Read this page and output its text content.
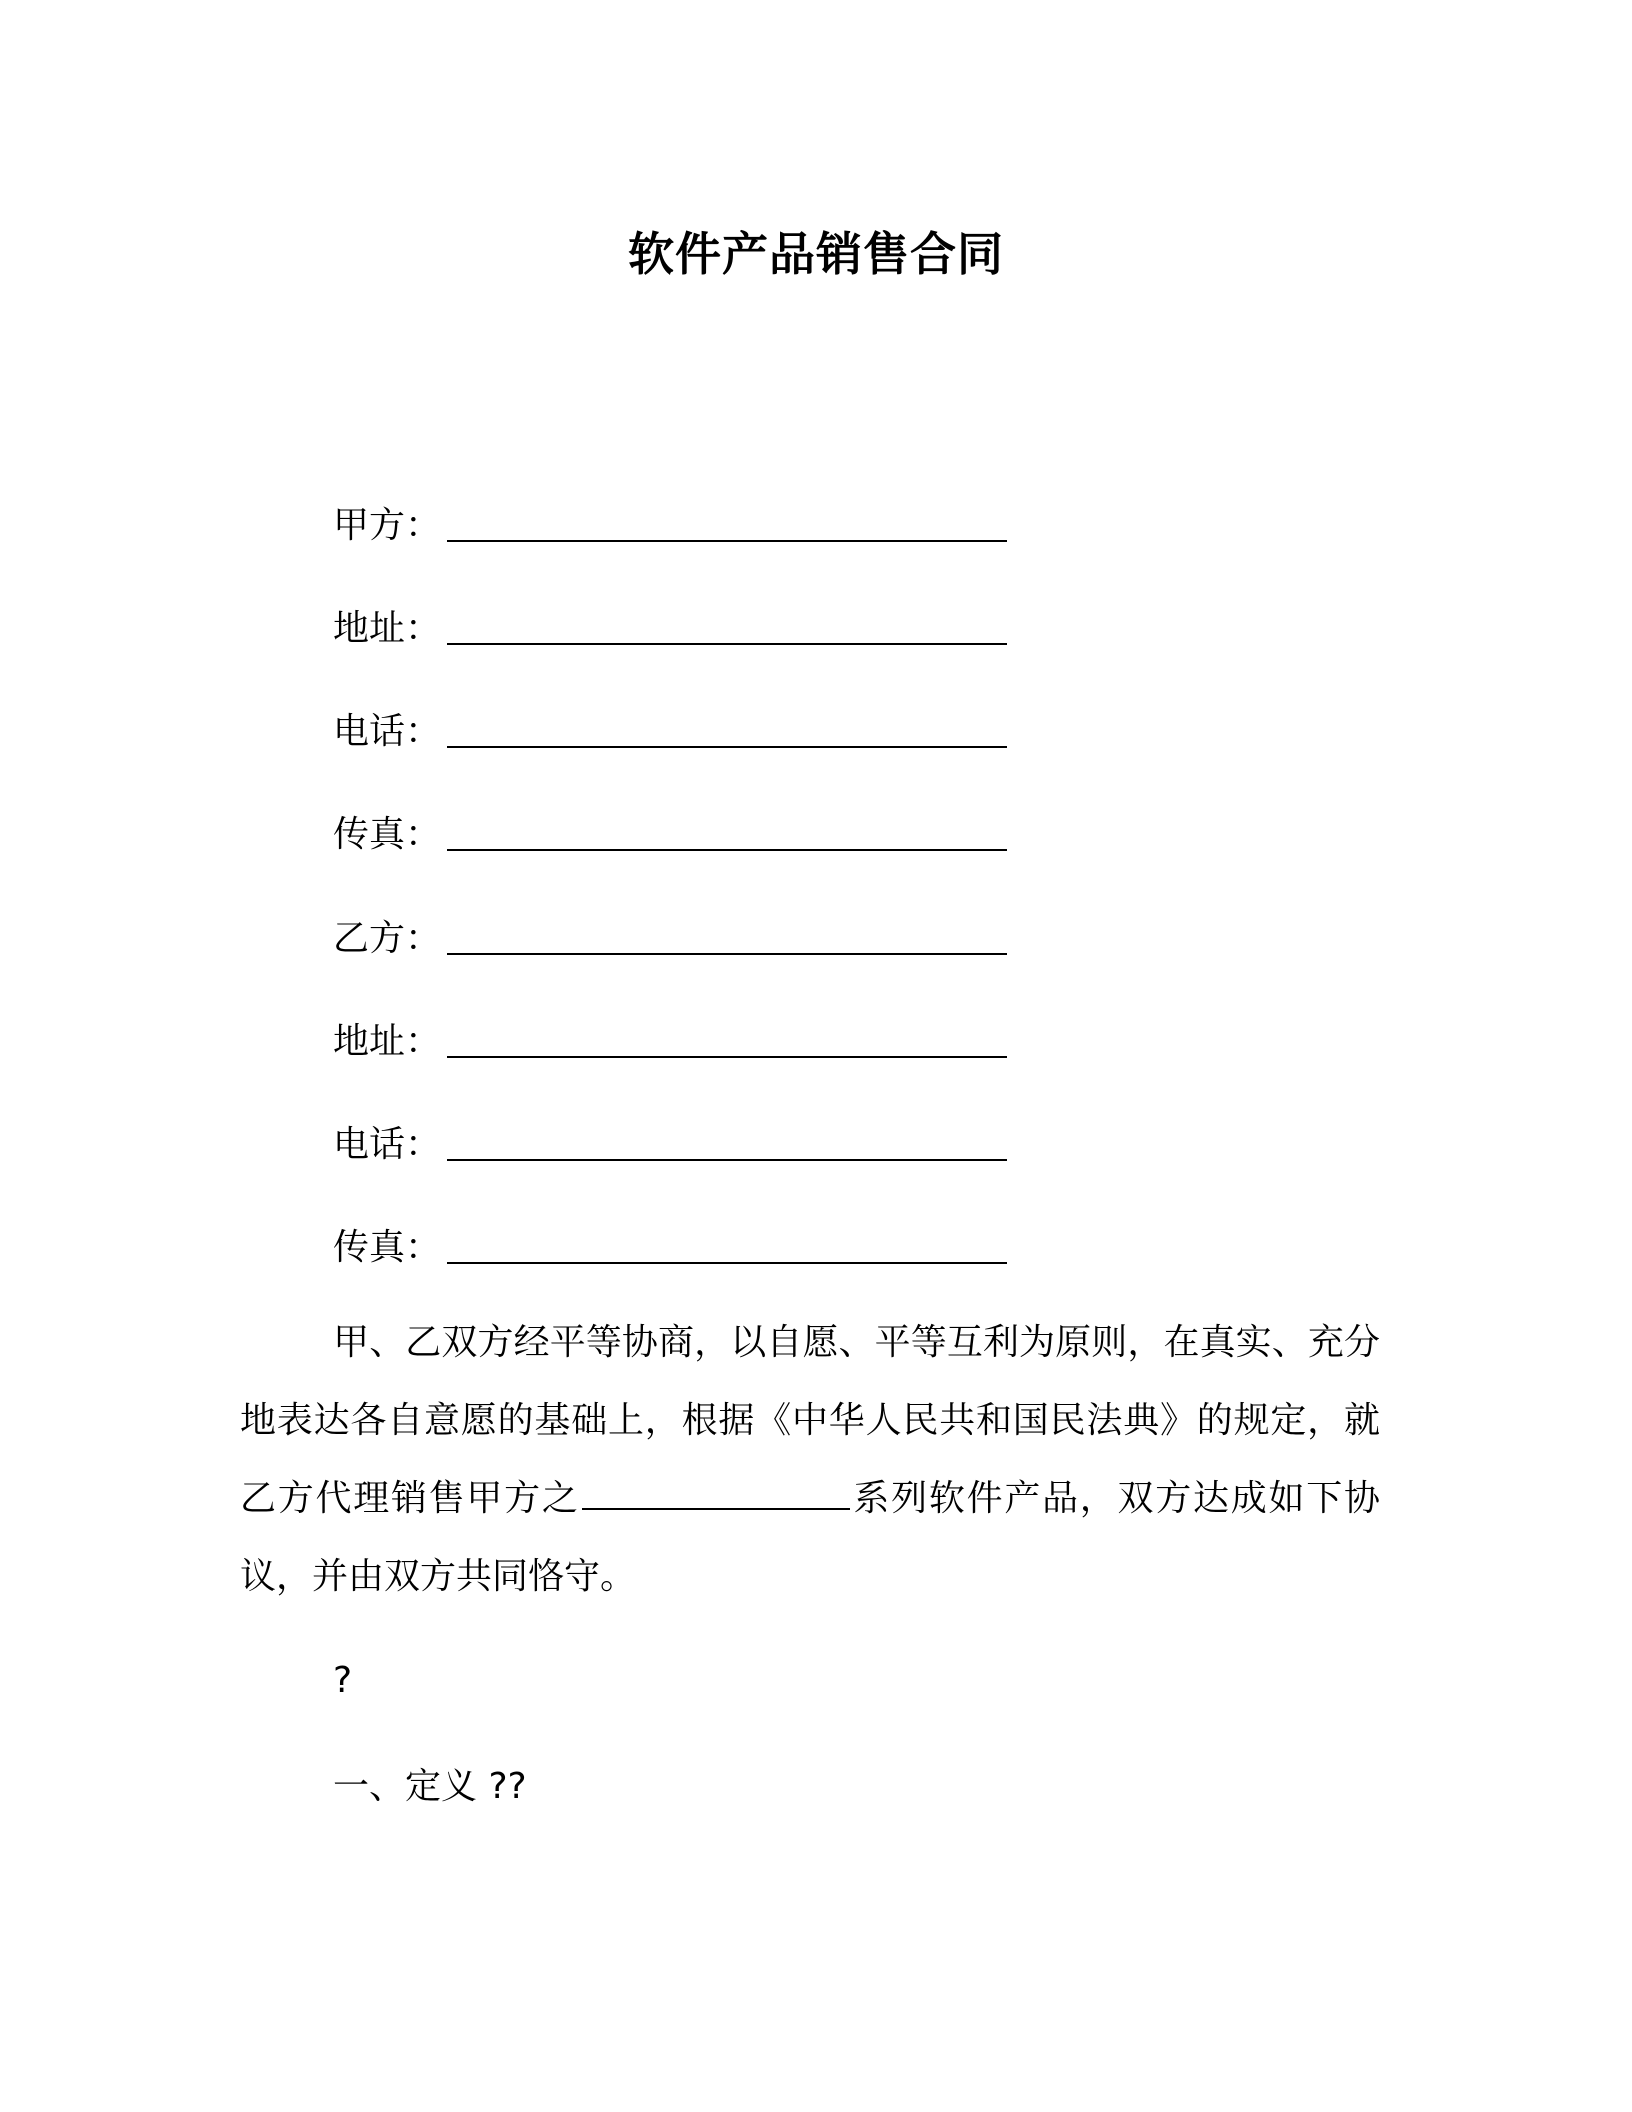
软件产品销售合同
甲方：
地址：
电话：
传真：
乙方：
地址：
电话：
传真：
甲、乙双方经平等协商，以自愿、平等互利为原则，在真实、充分地表达各自意愿的基础上，根据《中华人民共和国民法典》的规定，就乙方代理销售甲方之	系列软件产品，双方达成如下协议，并由双方共同恪守。
?
一、定义 ??
